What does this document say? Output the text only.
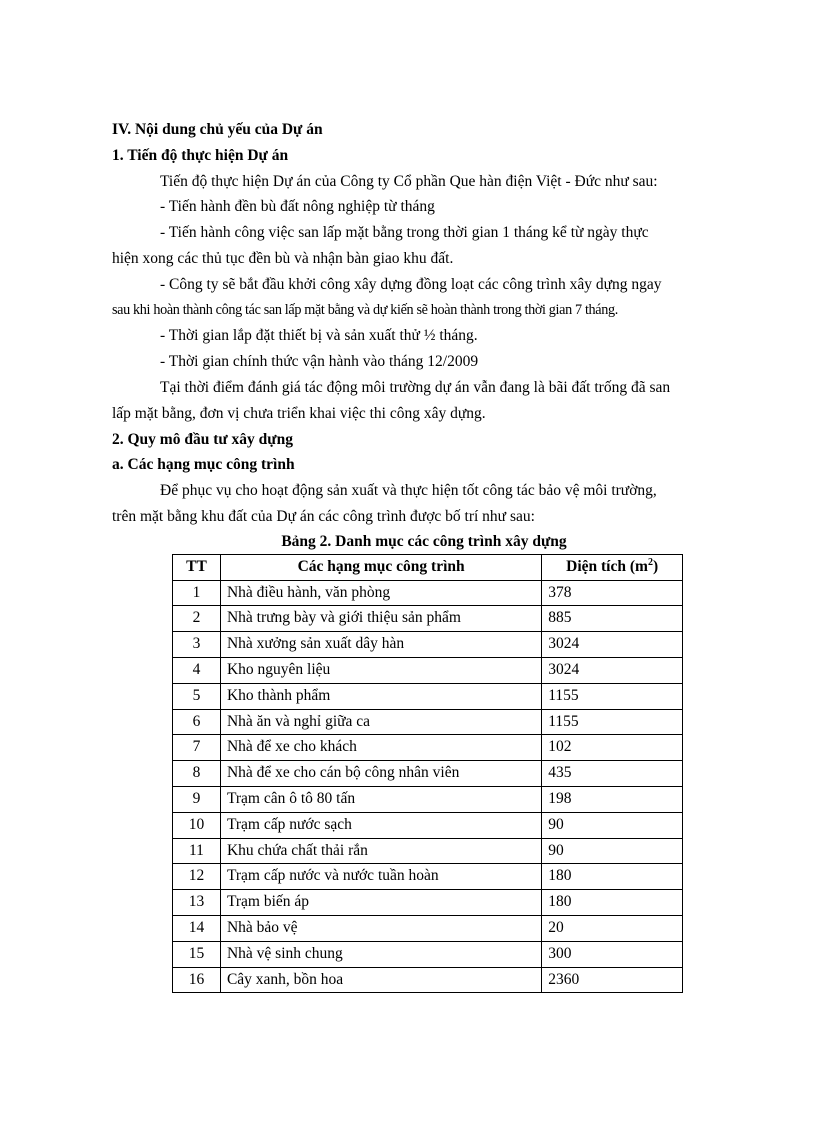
IV. Nội dung chủ yếu của Dự án
1. Tiến độ thực hiện Dự án
Tiến độ thực hiện Dự án của Công ty Cổ phần Que hàn điện Việt - Đức như sau:
- Tiến hành đền bù đất nông nghiệp từ tháng
- Tiến hành công việc san lấp mặt bằng trong thời gian 1 tháng kể từ ngày thực
hiện xong các thủ tục đền bù và nhận bàn giao khu đất.
- Công ty sẽ bắt đầu khởi công xây dựng đồng loạt các công trình xây dựng ngay
sau khi hoàn thành công tác san lấp mặt bằng và dự kiến sẽ hoàn thành trong thời gian 7 tháng.
- Thời gian lắp đặt thiết bị và sản xuất thử ½ tháng.
- Thời gian chính thức vận hành vào tháng 12/2009
Tại thời điểm đánh giá tác động môi trường dự án vẫn đang là bãi đất trống đã san
lấp mặt bằng, đơn vị chưa triển khai việc thi công xây dựng.
2. Quy mô đầu tư xây dựng
a. Các hạng mục công trình
Để phục vụ cho hoạt động sản xuất và thực hiện tốt công tác bảo vệ môi trường,
trên mặt bằng khu đất của Dự án các công trình được bố trí như sau:
Bảng 2. Danh mục các công trình xây dựng
TT	Các hạng mục công trình	Diện tích $(m^2)$
1	Nhà điều hành, văn phòng	378
2	Nhà trưng bày và giới thiệu sản phẩm	885
3	Nhà xưởng sản xuất dây hàn	3024
4	Kho nguyên liệu	3024
5	Kho thành phẩm	1155
6	Nhà ăn và nghỉ giữa ca	1155
7	Nhà để xe cho khách	102
8	Nhà để xe cho cán bộ công nhân viên	435
9	Trạm cân ô tô 80 tấn	198
10	Trạm cấp nước sạch	90
11	Khu chứa chất thải rắn	90
12	Trạm cấp nước và nước tuần hoàn	180
13	Trạm biến áp	180
14	Nhà bảo vệ	20
15	Nhà vệ sinh chung	300
16	Cây xanh, bồn hoa	2360
